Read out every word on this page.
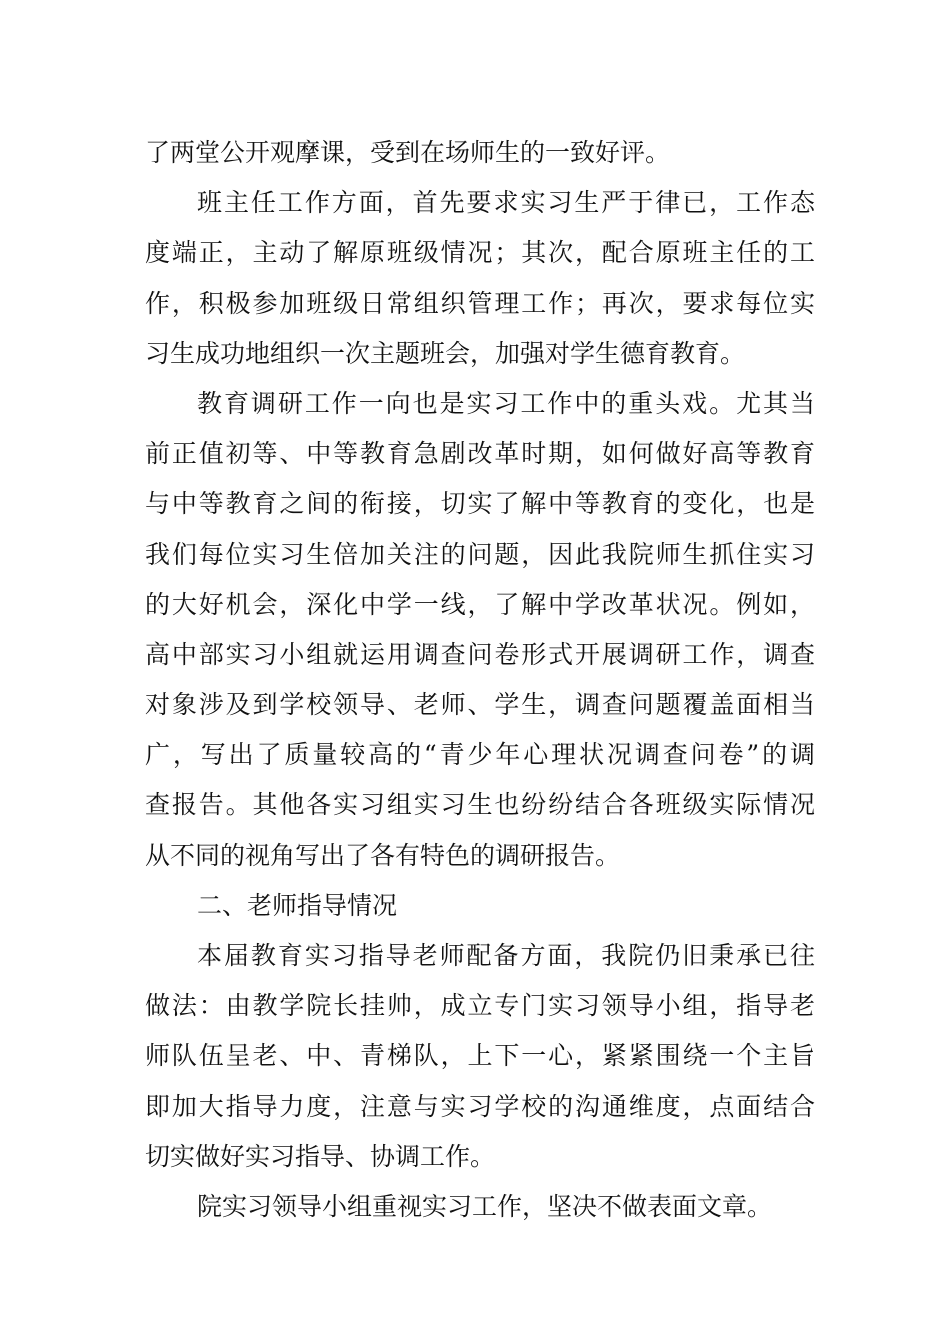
了两堂公开观摩课，受到在场师生的一致好评。
班主任工作方面，首先要求实习生严于律已，工作态
度端正，主动了解原班级情况；其次，配合原班主任的工
作，积极参加班级日常组织管理工作；再次，要求每位实
习生成功地组织一次主题班会，加强对学生德育教育。
教育调研工作一向也是实习工作中的重头戏。尤其当
前正值初等、中等教育急剧改革时期，如何做好高等教育
与中等教育之间的衔接，切实了解中等教育的变化，也是
我们每位实习生倍加关注的问题，因此我院师生抓住实习
的大好机会，深化中学一线，了解中学改革状况。例如，
高中部实习小组就运用调查问卷形式开展调研工作，调查
对象涉及到学校领导、老师、学生，调查问题覆盖面相当
广，写出了质量较高的“青少年心理状况调查问卷”的调
查报告。其他各实习组实习生也纷纷结合各班级实际情况
从不同的视角写出了各有特色的调研报告。
二、老师指导情况
本届教育实习指导老师配备方面，我院仍旧秉承已往
做法：由教学院长挂帅，成立专门实习领导小组，指导老
师队伍呈老、中、青梯队，上下一心，紧紧围绕一个主旨
即加大指导力度，注意与实习学校的沟通维度，点面结合
切实做好实习指导、协调工作。
院实习领导小组重视实习工作，坚决不做表面文章。
